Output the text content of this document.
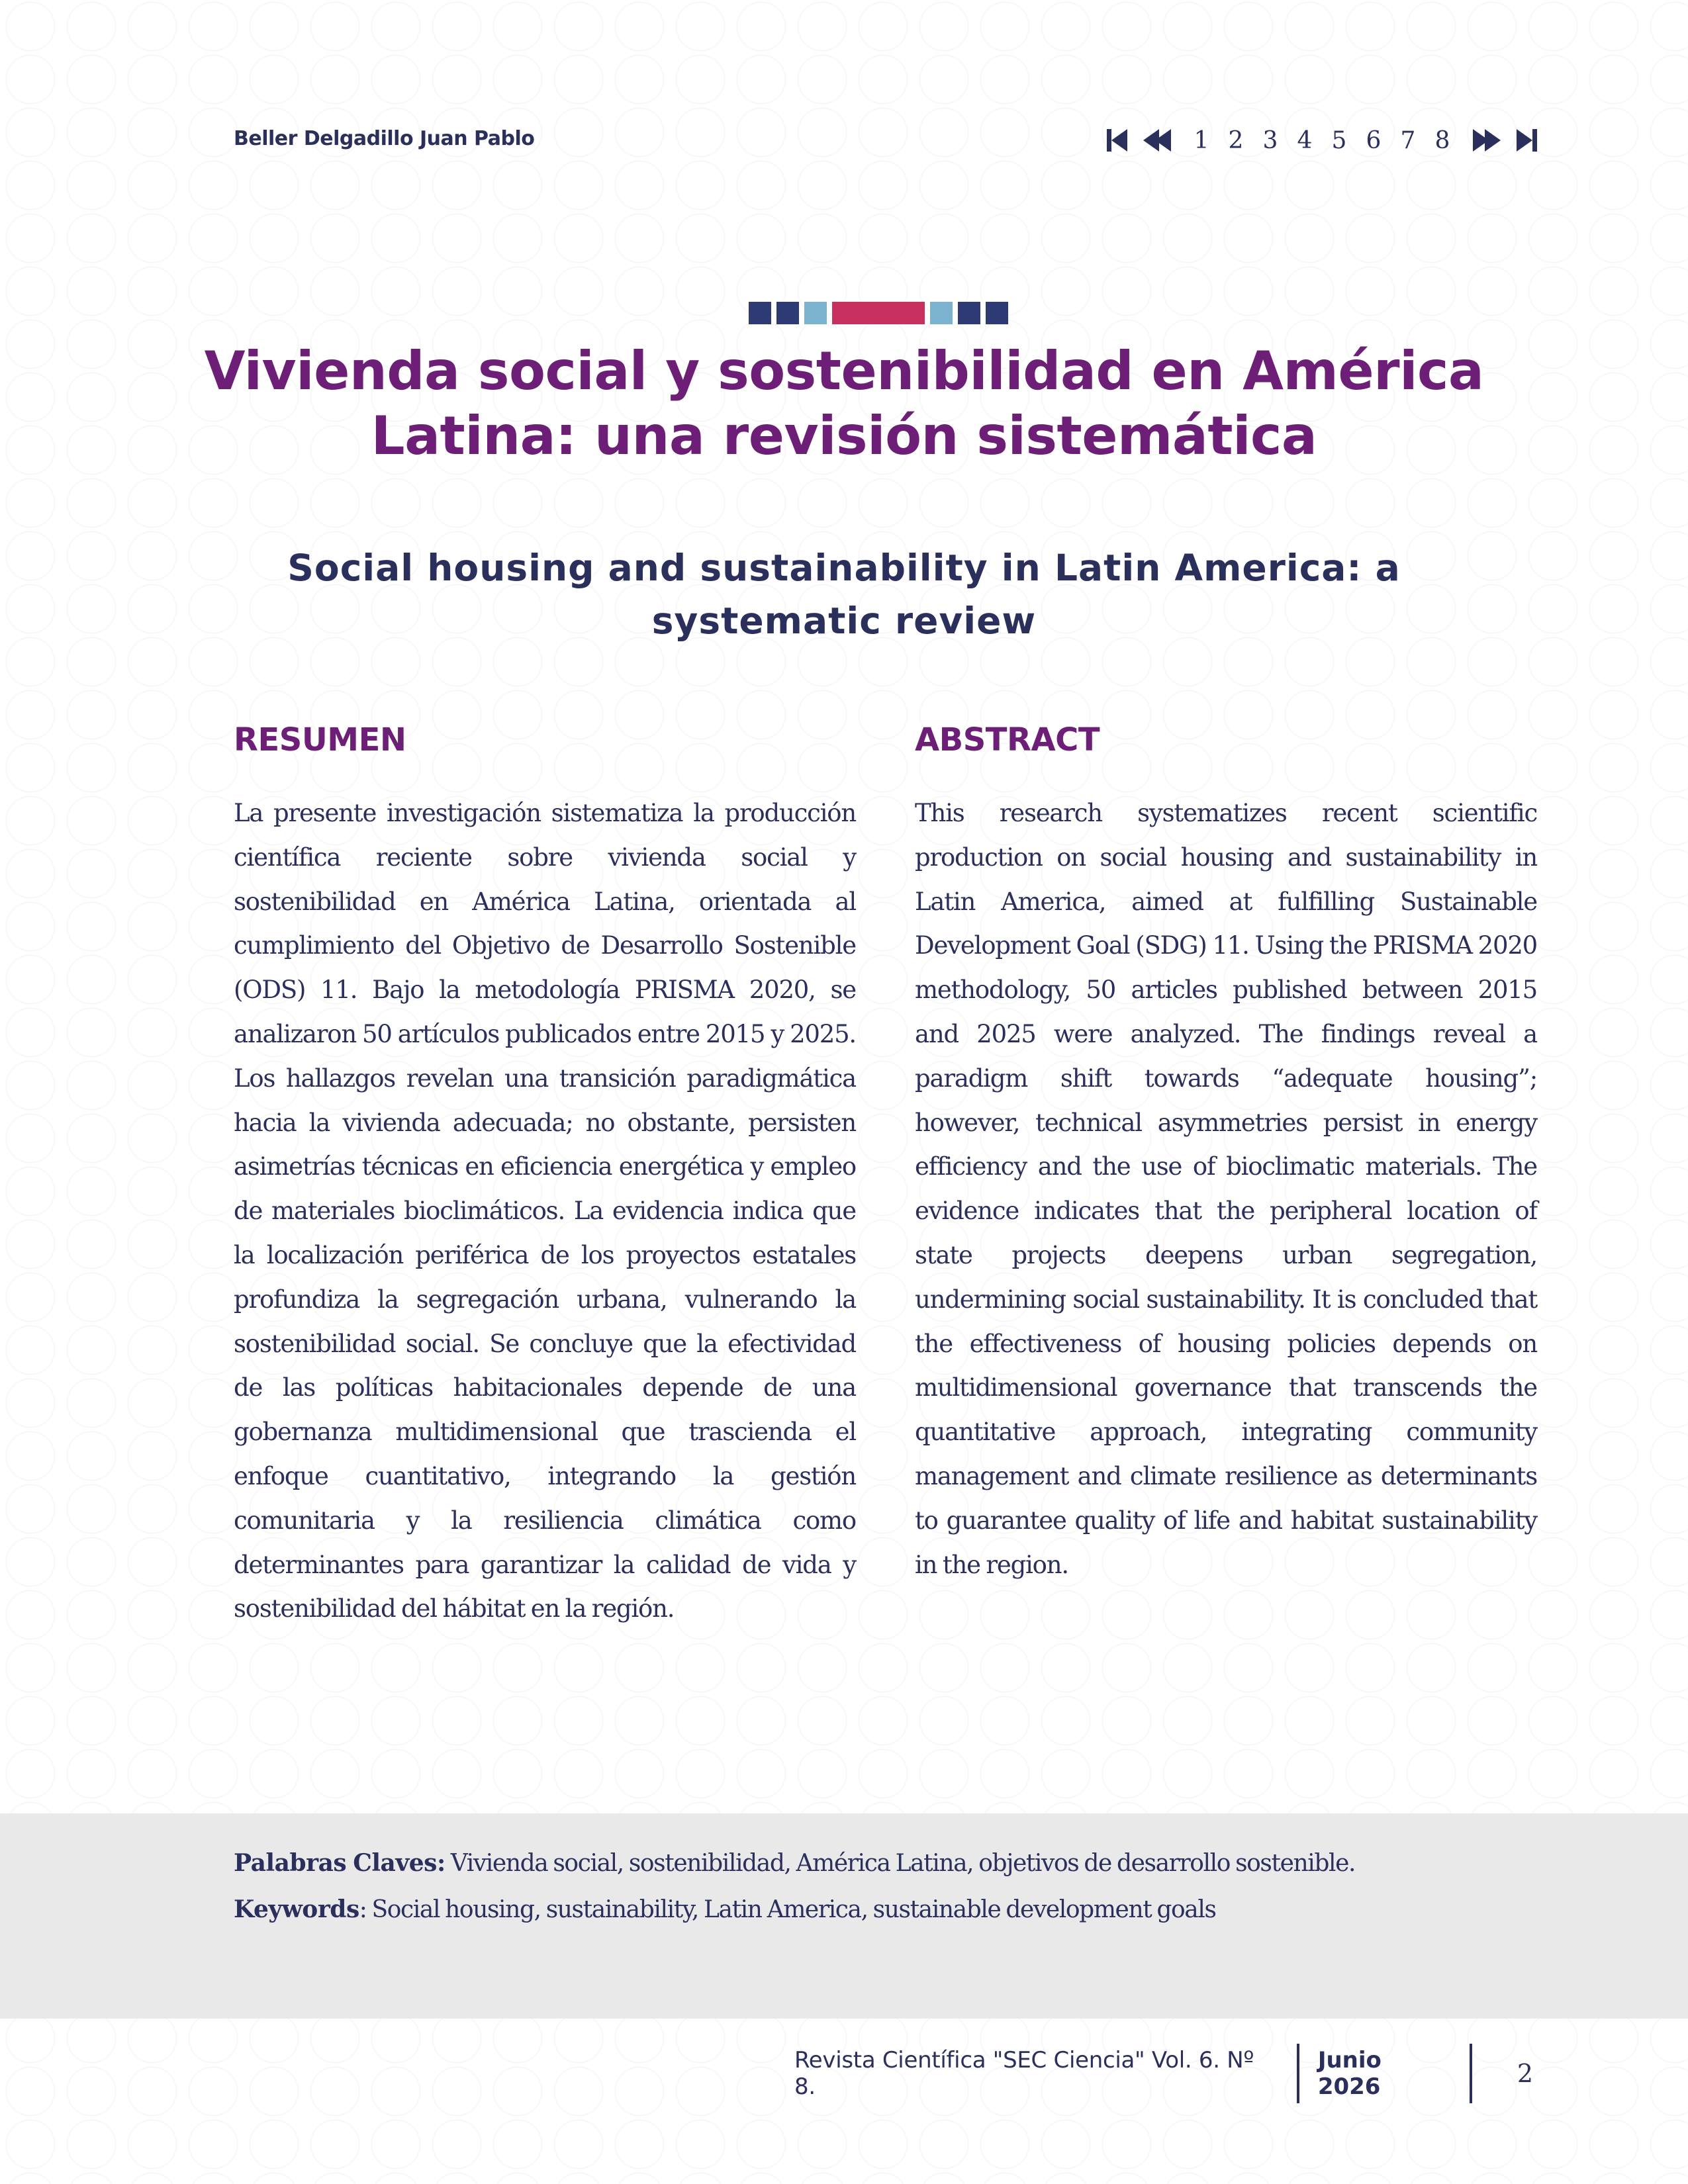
Beller Delgadillo Juan Pablo	1 2 3 4 5 6 7 8
Vivienda social y sostenibilidad en América
Latina: una revisión sistemática
Social housing and sustainability in Latin America: a
systematic review
RESUMEN

La presente investigación sistematiza la producción científica reciente sobre vivienda social y sostenibilidad en América Latina, orientada al cumplimiento del Objetivo de Desarrollo Sostenible (ODS) 11. Bajo la metodología PRISMA 2020, se analizaron 50 artículos publicados entre 2015 y 2025. Los hallazgos revelan una transición paradigmática hacia la vivienda adecuada; no obstante, persisten asimetrías técnicas en eficiencia energética y empleo de materiales bioclimáticos. La evidencia indica que la localización periférica de los proyectos estatales profundiza la segregación urbana, vulnerando la sostenibilidad social. Se concluye que la efectividad de las políticas habitacionales depende de una gobernanza multidimensional que trascienda el enfoque cuantitativo, integrando la gestión comunitaria y la resiliencia climática como determinantes para garantizar la calidad de vida y sostenibilidad del hábitat en la región.

ABSTRACT

This research systematizes recent scientific production on social housing and sustainability in Latin America, aimed at fulfilling Sustainable Development Goal (SDG) 11. Using the PRISMA 2020 methodology, 50 articles published between 2015 and 2025 were analyzed. The findings reveal a paradigm shift towards “adequate housing”; however, technical asymmetries persist in energy efficiency and the use of bioclimatic materials. The evidence indicates that the peripheral location of state projects deepens urban segregation, undermining social sustainability. It is concluded that the effectiveness of housing policies depends on multidimensional governance that transcends the quantitative approach, integrating community management and climate resilience as determinants to guarantee quality of life and habitat sustainability in the region.

Palabras Claves: Vivienda social, sostenibilidad, América Latina, objetivos de desarrollo sostenible.
Keywords: Social housing, sustainability, Latin America, sustainable development goals
Revista Científica "SEC Ciencia" Vol. 6. Nº 8.
Junio 2026	2
